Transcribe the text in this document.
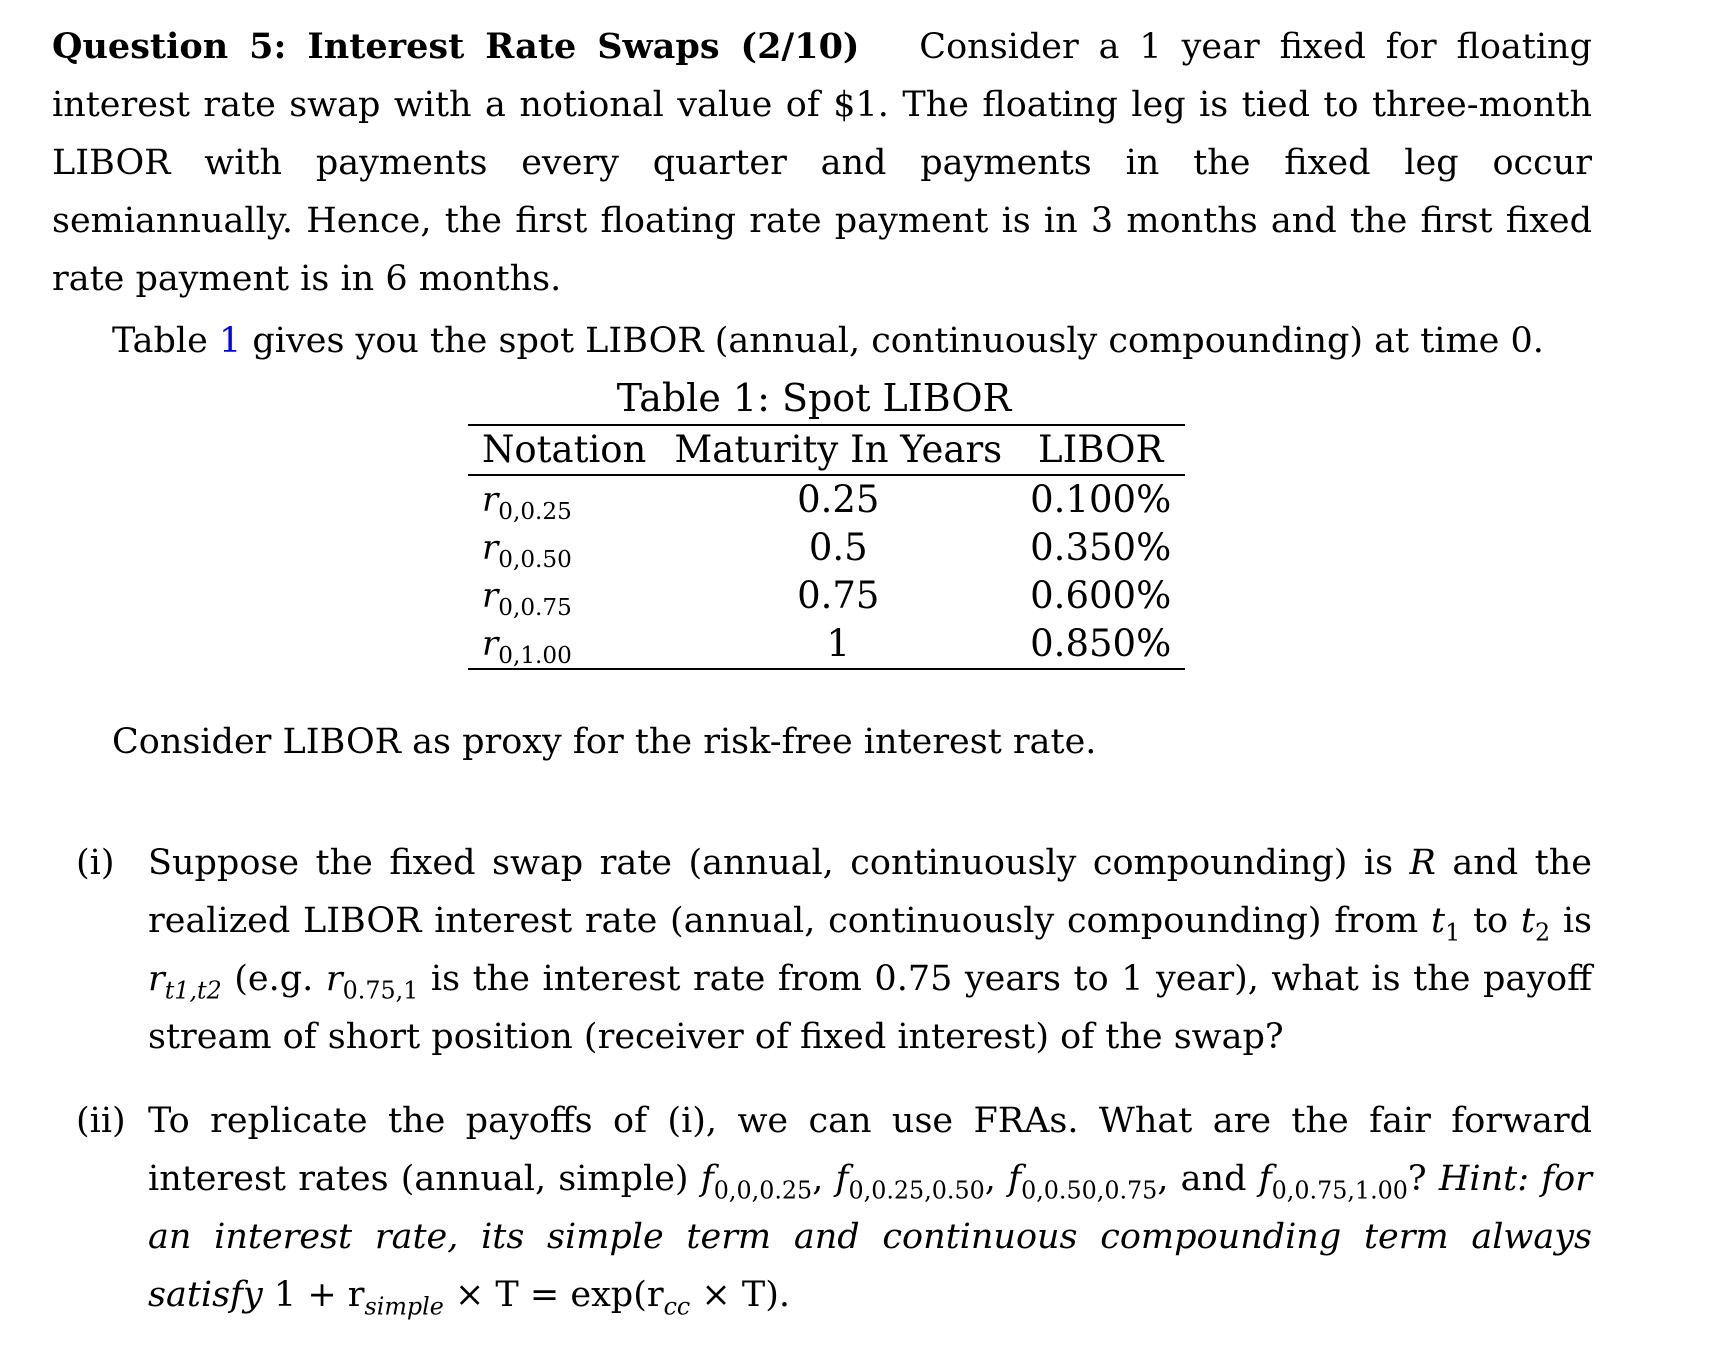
Question 5: Interest Rate Swaps (2/10) Consider a 1 year fixed for floating interest rate swap with a notional value of $1. The floating leg is tied to three-month LIBOR with payments every quarter and payments in the fixed leg occur semiannually. Hence, the first floating rate payment is in 3 months and the first fixed rate payment is in 6 months.

Table 1 gives you the spot LIBOR (annual, continuously compounding) at time 0.

Table 1: Spot LIBOR
Notation	Maturity In Years	LIBOR
$r_{0,0.25}$	0.25	0.100%
$r_{0,0.50}$	0.5	0.350%
$r_{0,0.75}$	0.75	0.600%
$r_{0,1.00}$	1	0.850%
Consider LIBOR as proxy for the risk-free interest rate.
(i) Suppose the fixed swap rate (annual, continuously compounding) is R and the realized LIBOR interest rate (annual, continuously compounding) from $t_1$ to $t_2$ is $r_{t1,t2}$ (e.g. $r_{0.75,1}$ is the interest rate from 0.75 years to 1 year), what is the payoff stream of short position (receiver of fixed interest) of the swap?
(ii) To replicate the payoffs of (i), we can use FRAs. What are the fair forward interest rates (annual, simple) $f_{0,0,0.25}$, $f_{0,0.25,0.50}$, $f_{0,0.50,0.75}$, and $f_{0,0.75,1.00}$? Hint: for an interest rate, its simple term and continuous compounding term always satisfy $1 + r_{simple} \times T = \exp(r_{cc} \times T)$.
